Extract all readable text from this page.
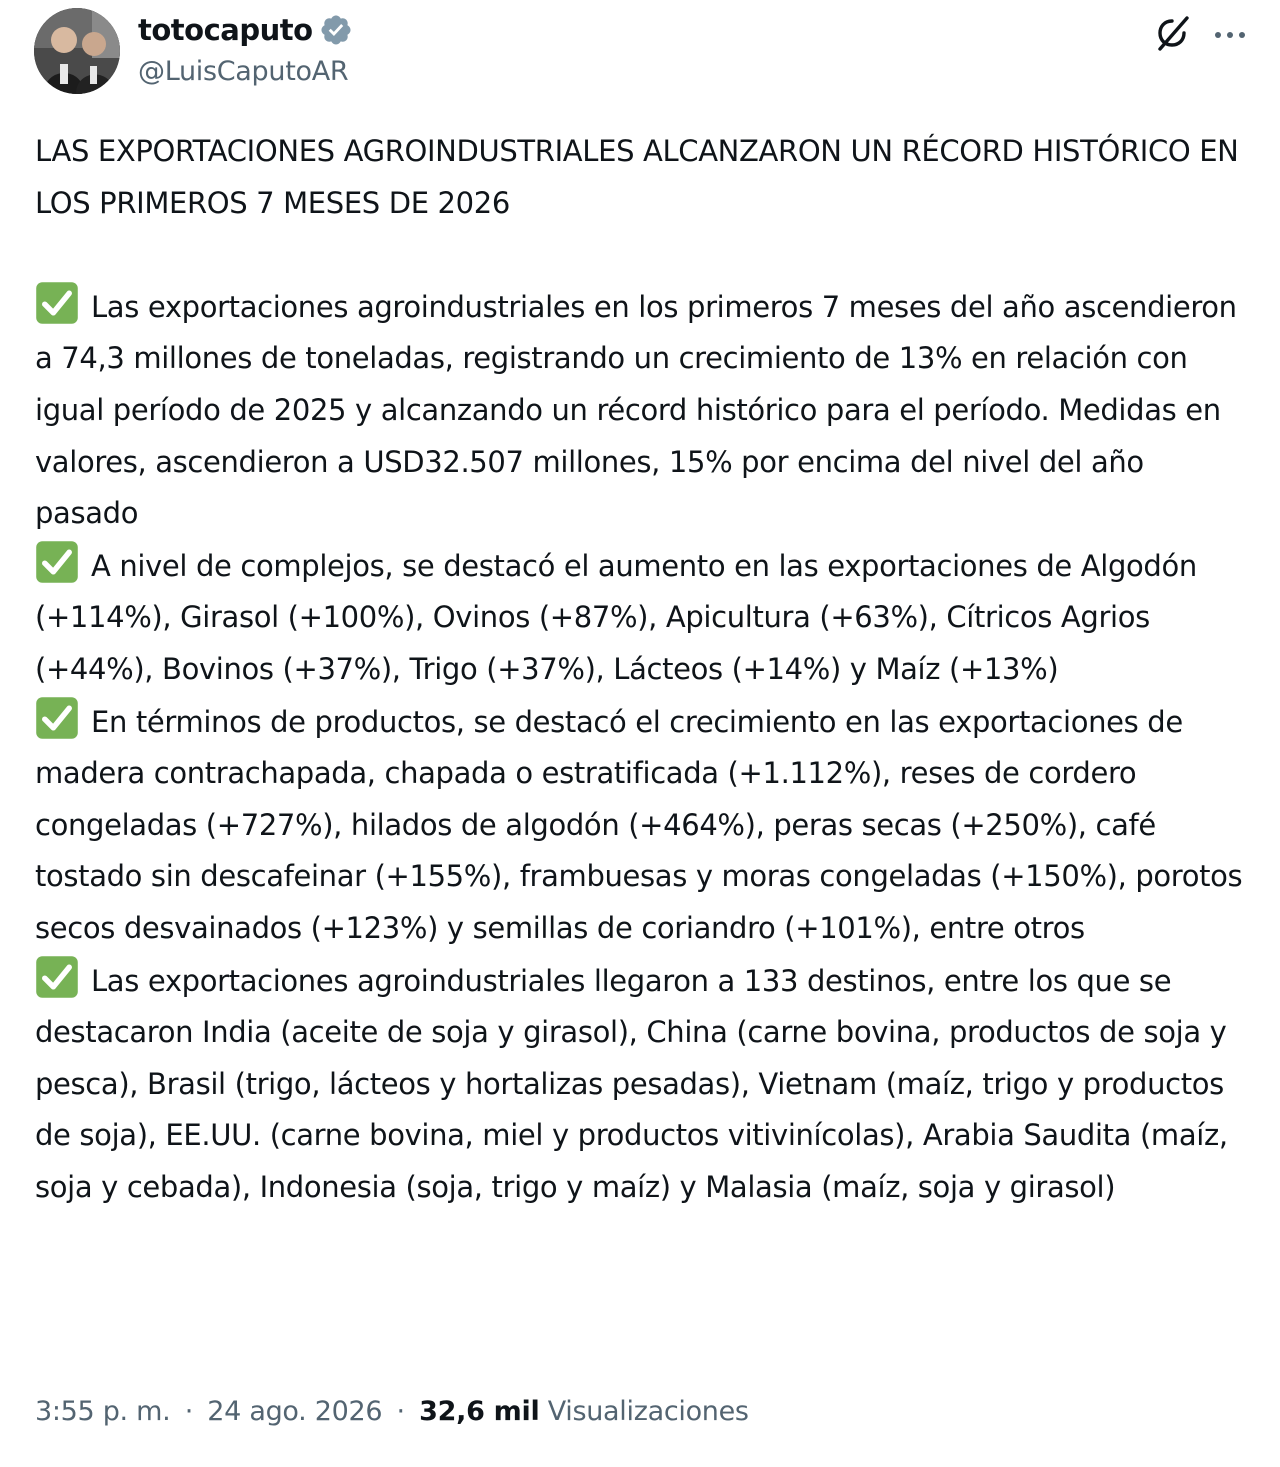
totocaputo
@LuisCaputoAR

LAS EXPORTACIONES AGROINDUSTRIALES ALCANZARON UN RÉCORD HISTÓRICO EN LOS PRIMEROS 7 MESES DE 2026

Las exportaciones agroindustriales en los primeros 7 meses del año ascendieron a 74,3 millones de toneladas, registrando un crecimiento de 13% en relación con igual período de 2025 y alcanzando un récord histórico para el período. Medidas en valores, ascendieron a USD32.507 millones, 15% por encima del nivel del año pasado

A nivel de complejos, se destacó el aumento en las exportaciones de Algodón (+114%), Girasol (+100%), Ovinos (+87%), Apicultura (+63%), Cítricos Agrios (+44%), Bovinos (+37%), Trigo (+37%), Lácteos (+14%) y Maíz (+13%)

En términos de productos, se destacó el crecimiento en las exportaciones de madera contrachapada, chapada o estratificada (+1.112%), reses de cordero congeladas (+727%), hilados de algodón (+464%), peras secas (+250%), café tostado sin descafeinar (+155%), frambuesas y moras congeladas (+150%), porotos secos desvainados (+123%) y semillas de coriandro (+101%), entre otros

Las exportaciones agroindustriales llegaron a 133 destinos, entre los que se destacaron India (aceite de soja y girasol), China (carne bovina, productos de soja y pesca), Brasil (trigo, lácteos y hortalizas pesadas), Vietnam (maíz, trigo y productos de soja), EE.UU. (carne bovina, miel y productos vitivinícolas), Arabia Saudita (maíz, soja y cebada), Indonesia (soja, trigo y maíz) y Malasia (maíz, soja y girasol)

3:55 p. m. · 24 ago. 2026 · 32,6 mil Visualizaciones
